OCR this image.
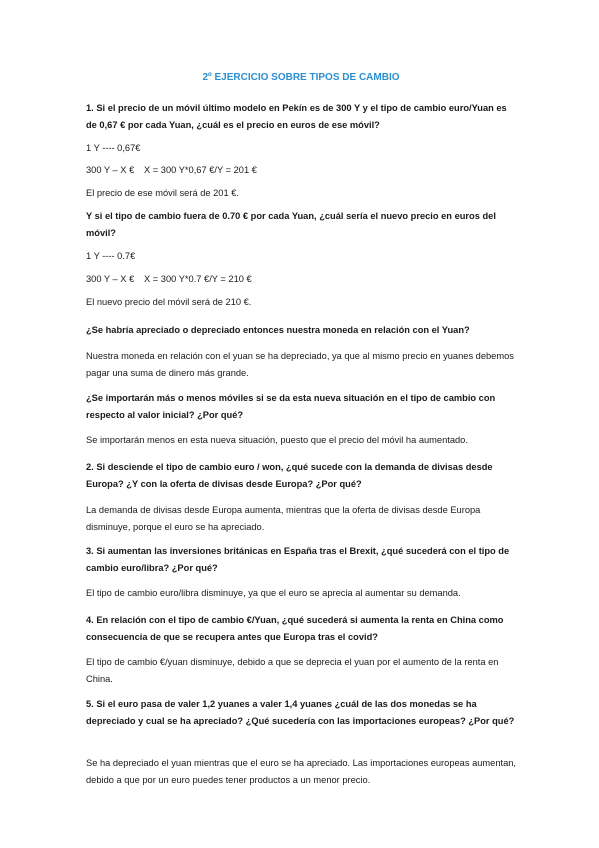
2º EJERCICIO SOBRE TIPOS DE CAMBIO
1. Si el precio de un móvil último modelo en Pekín es de 300 Y y el tipo de cambio euro/Yuan es de 0,67 € por cada Yuan, ¿cuál es el precio en euros de ese móvil?
1 Y ---- 0,67€
300 Y – X € X = 300 Y*0,67 €/Y = 201 €
El precio de ese móvil será de 201 €.
Y si el tipo de cambio fuera de 0.70 € por cada Yuan, ¿cuál sería el nuevo precio en euros del móvil?
1 Y ---- 0.7€
300 Y – X € X = 300 Y*0.7 €/Y = 210 €
El nuevo precio del móvil será de 210 €.
¿Se habría apreciado o depreciado entonces nuestra moneda en relación con el Yuan?
Nuestra moneda en relación con el yuan se ha depreciado, ya que al mismo precio en yuanes debemos pagar una suma de dinero más grande.
¿Se importarán más o menos móviles si se da esta nueva situación en el tipo de cambio con respecto al valor inicial? ¿Por qué?
Se importarán menos en esta nueva situación, puesto que el precio del móvil ha aumentado.
2. Si desciende el tipo de cambio euro / won, ¿qué sucede con la demanda de divisas desde Europa? ¿Y con la oferta de divisas desde Europa? ¿Por qué?
La demanda de divisas desde Europa aumenta, mientras que la oferta de divisas desde Europa disminuye, porque el euro se ha apreciado.
3. Si aumentan las inversiones británicas en España tras el Brexit, ¿qué sucederá con el tipo de cambio euro/libra? ¿Por qué?
El tipo de cambio euro/libra disminuye, ya que el euro se aprecia al aumentar su demanda.
4. En relación con el tipo de cambio €/Yuan, ¿qué sucederá si aumenta la renta en China como consecuencia de que se recupera antes que Europa tras el covid?
El tipo de cambio €/yuan disminuye, debido a que se deprecia el yuan por el aumento de la renta en China.
5. Si el euro pasa de valer 1,2 yuanes a valer 1,4 yuanes ¿cuál de las dos monedas se ha depreciado y cual se ha apreciado? ¿Qué sucedería con las importaciones europeas? ¿Por qué?
Se ha depreciado el yuan mientras que el euro se ha apreciado. Las importaciones europeas aumentan, debido a que por un euro puedes tener productos a un menor precio.
